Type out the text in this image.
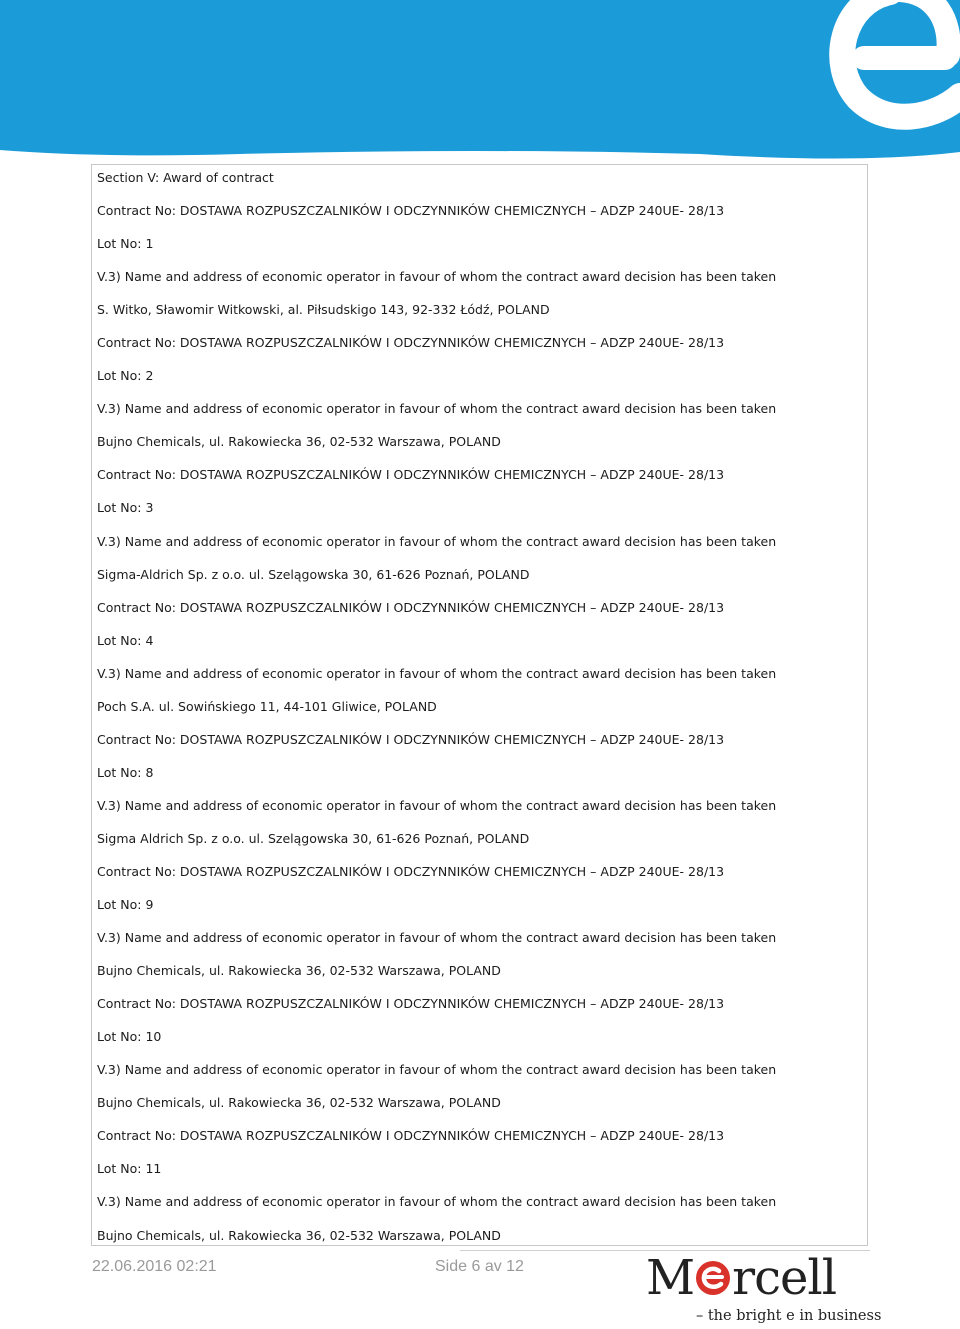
Section V: Award of contract
Contract No: DOSTAWA ROZPUSZCZALNIKÓW I ODCZYNNIKÓW CHEMICZNYCH – ADZP 240UE- 28/13
Lot No: 1
V.3) Name and address of economic operator in favour of whom the contract award decision has been taken
S. Witko, Sławomir Witkowski, al. Piłsudskigo 143, 92-332 Łódź, POLAND
Contract No: DOSTAWA ROZPUSZCZALNIKÓW I ODCZYNNIKÓW CHEMICZNYCH – ADZP 240UE- 28/13
Lot No: 2
V.3) Name and address of economic operator in favour of whom the contract award decision has been taken
Bujno Chemicals, ul. Rakowiecka 36, 02-532 Warszawa, POLAND
Contract No: DOSTAWA ROZPUSZCZALNIKÓW I ODCZYNNIKÓW CHEMICZNYCH – ADZP 240UE- 28/13
Lot No: 3
V.3) Name and address of economic operator in favour of whom the contract award decision has been taken
Sigma-Aldrich Sp. z o.o. ul. Szelągowska 30, 61-626 Poznań, POLAND
Contract No: DOSTAWA ROZPUSZCZALNIKÓW I ODCZYNNIKÓW CHEMICZNYCH – ADZP 240UE- 28/13
Lot No: 4
V.3) Name and address of economic operator in favour of whom the contract award decision has been taken
Poch S.A. ul. Sowińskiego 11, 44-101 Gliwice, POLAND
Contract No: DOSTAWA ROZPUSZCZALNIKÓW I ODCZYNNIKÓW CHEMICZNYCH – ADZP 240UE- 28/13
Lot No: 8
V.3) Name and address of economic operator in favour of whom the contract award decision has been taken
Sigma Aldrich Sp. z o.o. ul. Szelągowska 30, 61-626 Poznań, POLAND
Contract No: DOSTAWA ROZPUSZCZALNIKÓW I ODCZYNNIKÓW CHEMICZNYCH – ADZP 240UE- 28/13
Lot No: 9
V.3) Name and address of economic operator in favour of whom the contract award decision has been taken
Bujno Chemicals, ul. Rakowiecka 36, 02-532 Warszawa, POLAND
Contract No: DOSTAWA ROZPUSZCZALNIKÓW I ODCZYNNIKÓW CHEMICZNYCH – ADZP 240UE- 28/13
Lot No: 10
V.3) Name and address of economic operator in favour of whom the contract award decision has been taken
Bujno Chemicals, ul. Rakowiecka 36, 02-532 Warszawa, POLAND
Contract No: DOSTAWA ROZPUSZCZALNIKÓW I ODCZYNNIKÓW CHEMICZNYCH – ADZP 240UE- 28/13
Lot No: 11
V.3) Name and address of economic operator in favour of whom the contract award decision has been taken
Bujno Chemicals, ul. Rakowiecka 36, 02-532 Warszawa, POLAND
22.06.2016 02:21	Side 6 av 12	M rcell
– the bright e in business
